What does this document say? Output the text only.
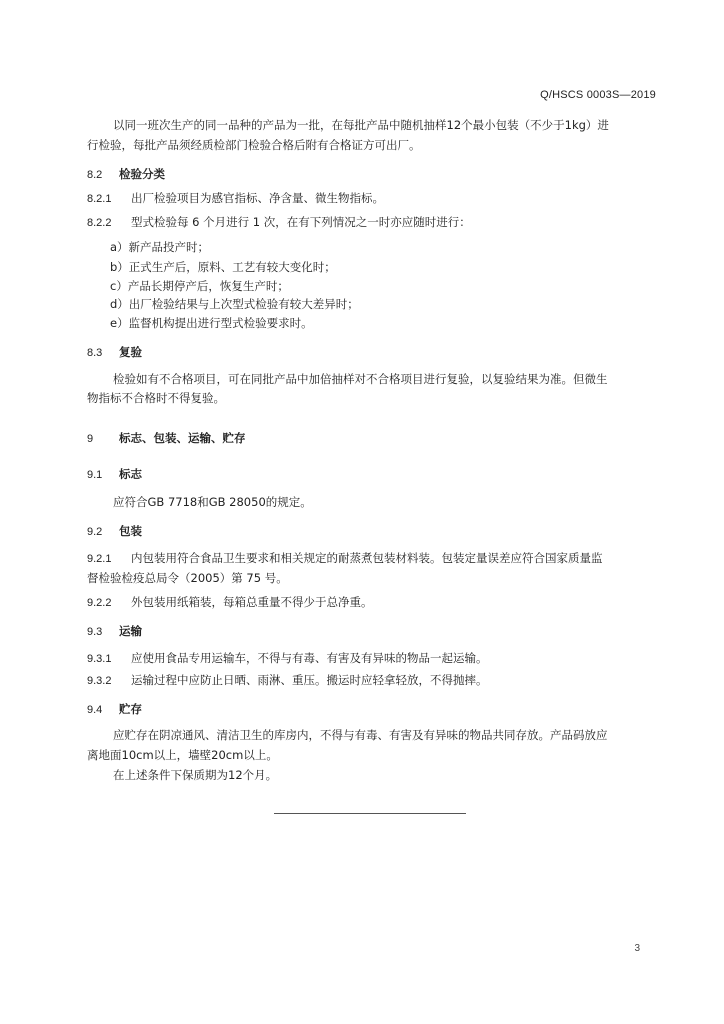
Q/HSCS 0003S—2019
以同一班次生产的同一品种的产品为一批，在每批产品中随机抽样12个最小包装（不少于1kg）进
行检验，每批产品须经质检部门检验合格后附有合格证方可出厂。
8.2 检验分类
8.2.1 出厂检验项目为感官指标、净含量、微生物指标。
8.2.2 型式检验每 6 个月进行 1 次，在有下列情况之一时亦应随时进行：
a）新产品投产时；
b）正式生产后，原料、工艺有较大变化时；
c）产品长期停产后，恢复生产时；
d）出厂检验结果与上次型式检验有较大差异时；
e）监督机构提出进行型式检验要求时。
8.3 复验
检验如有不合格项目，可在同批产品中加倍抽样对不合格项目进行复验，以复验结果为准。但微生
物指标不合格时不得复验。
9 标志、包装、运输、贮存
9.1 标志
应符合GB 7718和GB 28050的规定。
9.2 包装
9.2.1 内包装用符合食品卫生要求和相关规定的耐蒸煮包装材料装。包装定量误差应符合国家质量监
督检验检疫总局令（2005）第 75 号。
9.2.2 外包装用纸箱装，每箱总重量不得少于总净重。
9.3 运输
9.3.1 应使用食品专用运输车，不得与有毒、有害及有异味的物品一起运输。
9.3.2 运输过程中应防止日晒、雨淋、重压。搬运时应轻拿轻放，不得抛摔。
9.4 贮存
应贮存在阴凉通风、清洁卫生的库房内，不得与有毒、有害及有异味的物品共同存放。产品码放应
离地面10cm以上，墙壁20cm以上。
在上述条件下保质期为12个月。
3
